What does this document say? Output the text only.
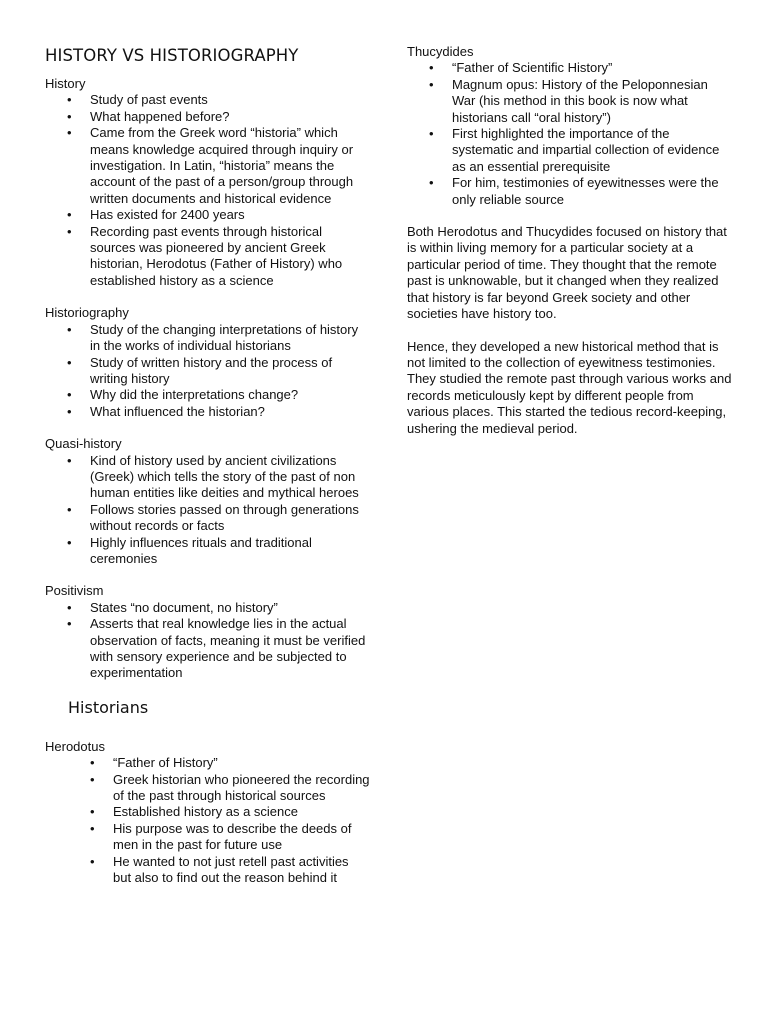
HISTORY VS HISTORIOGRAPHY
History
• Study of past events
• What happened before?
• Came from the Greek word “historia” which means knowledge acquired through inquiry or investigation. In Latin, “historia” means the account of the past of a person/group through written documents and historical evidence
• Has existed for 2400 years
• Recording past events through historical sources was pioneered by ancient Greek historian, Herodotus (Father of History) who established history as a science
Historiography
• Study of the changing interpretations of history in the works of individual historians
• Study of written history and the process of writing history
• Why did the interpretations change?
• What influenced the historian?
Quasi-history
• Kind of history used by ancient civilizations (Greek) which tells the story of the past of non human entities like deities and mythical heroes
• Follows stories passed on through generations without records or facts
• Highly influences rituals and traditional ceremonies
Positivism
• States “no document, no history”
• Asserts that real knowledge lies in the actual observation of facts, meaning it must be verified with sensory experience and be subjected to experimentation
Historians
Herodotus
• “Father of History”
• Greek historian who pioneered the recording of the past through historical sources
• Established history as a science
• His purpose was to describe the deeds of men in the past for future use
• He wanted to not just retell past activities but also to find out the reason behind it
Thucydides
• “Father of Scientific History”
• Magnum opus: History of the Peloponnesian War (his method in this book is now what historians call “oral history”)
• First highlighted the importance of the systematic and impartial collection of evidence as an essential prerequisite
• For him, testimonies of eyewitnesses were the only reliable source

Both Herodotus and Thucydides focused on history that is within living memory for a particular society at a particular period of time. They thought that the remote past is unknowable, but it changed when they realized that history is far beyond Greek society and other societies have history too.

Hence, they developed a new historical method that is not limited to the collection of eyewitness testimonies. They studied the remote past through various works and records meticulously kept by different people from various places. This started the tedious record-keeping, ushering the medieval period.
